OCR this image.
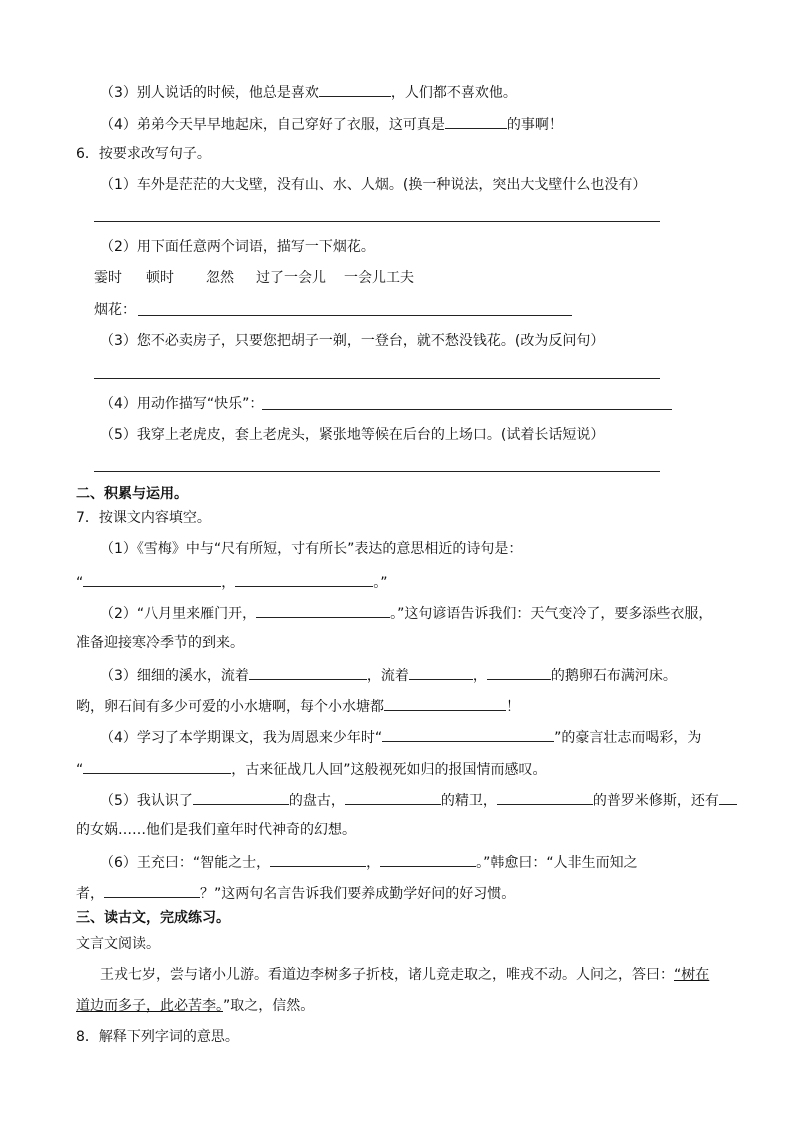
（3）别人说话的时候，他总是喜欢	，人们都不喜欢他。
（4）弟弟今天早早地起床，自己穿好了衣服，这可真是	的事啊！
6．按要求改写句子。
（1）车外是茫茫的大戈壁，没有山、水、人烟。(换一种说法，突出大戈壁什么也没有）
（2）用下面任意两个词语，描写一下烟花。
霎时 顿时 忽然 过了一会儿 一会儿工夫
烟花：
（3）您不必卖房子，只要您把胡子一剃，一登台，就不愁没钱花。(改为反问句）
（4）用动作描写“快乐”：
（5）我穿上老虎皮，套上老虎头，紧张地等候在后台的上场口。(试着长话短说）
二、积累与运用。
7．按课文内容填空。
（1）《雪梅》中与“尺有所短，寸有所长”表达的意思相近的诗句是：
“	，	。”
（2）“八月里来雁门开，	。”这句谚语告诉我们：天气变冷了，要多添些衣服，
准备迎接寒冷季节的到来。
（3）细细的溪水，流着	，流着	，	的鹅卵石布满河床。
哟，卵石间有多少可爱的小水塘啊，每个小水塘都	！
（4）学习了本学期课文，我为周恩来少年时“	”的豪言壮志而喝彩，为
“	，古来征战几人回”这般视死如归的报国情而感叹。
（5）我认识了	的盘古，	的精卫，	的普罗米修斯，还有
的女娲……他们是我们童年时代神奇的幻想。
（6）王充曰：“智能之士，	，	。”韩愈曰：“人非生而知之
者，	？”这两句名言告诉我们要养成勤学好问的好习惯。
三、读古文，完成练习。
文言文阅读。
王戎七岁，尝与诸小儿游。看道边李树多子折枝，诸儿竞走取之，唯戎不动。人问之，答曰：“树在
道边而多子，此必苦李。”取之，信然。
8．解释下列字词的意思。
